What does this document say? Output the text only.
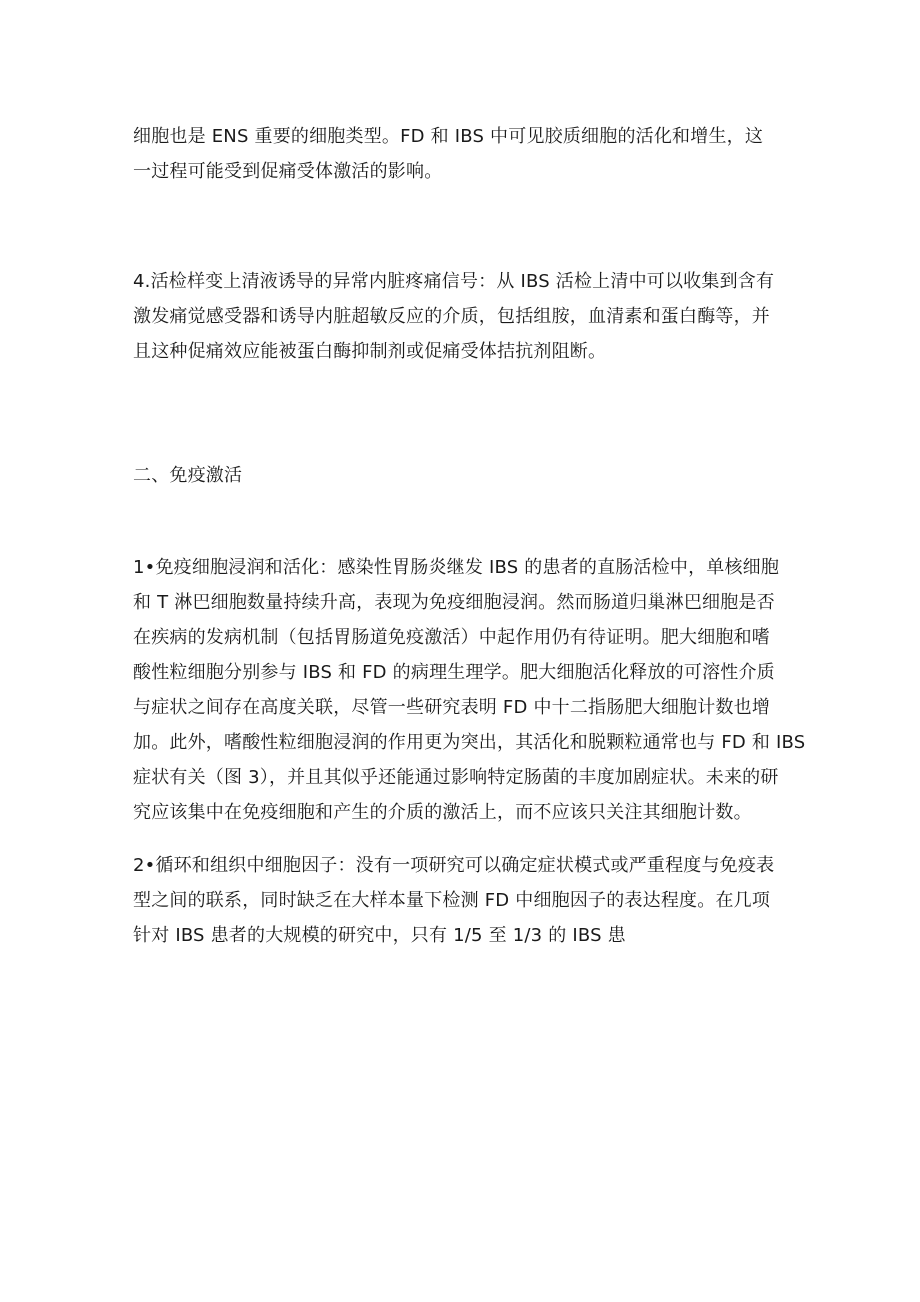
细胞也是 ENS 重要的细胞类型。FD 和 IBS 中可见胶质细胞的活化和增生，这
一过程可能受到促痛受体激活的影响。

4.活检样变上清液诱导的异常内脏疼痛信号：从 IBS 活检上清中可以收集到含有
激发痛觉感受器和诱导内脏超敏反应的介质，包括组胺，血清素和蛋白酶等，并
且这种促痛效应能被蛋白酶抑制剂或促痛受体拮抗剂阻断。

二、免疫激活

1•免疫细胞浸润和活化：感染性胃肠炎继发 IBS 的患者的直肠活检中，单核细胞
和 T 淋巴细胞数量持续升高，表现为免疫细胞浸润。然而肠道归巢淋巴细胞是否
在疾病的发病机制（包括胃肠道免疫激活）中起作用仍有待证明。肥大细胞和嗜
酸性粒细胞分别参与 IBS 和 FD 的病理生理学。肥大细胞活化释放的可溶性介质
与症状之间存在高度关联，尽管一些研究表明 FD 中十二指肠肥大细胞计数也增
加。此外，嗜酸性粒细胞浸润的作用更为突出，其活化和脱颗粒通常也与 FD 和 IBS
症状有关（图 3），并且其似乎还能通过影响特定肠菌的丰度加剧症状。未来的研
究应该集中在免疫细胞和产生的介质的激活上，而不应该只关注其细胞计数。

2•循环和组织中细胞因子：没有一项研究可以确定症状模式或严重程度与免疫表
型之间的联系，同时缺乏在大样本量下检测 FD 中细胞因子的表达程度。在几项
针对 IBS 患者的大规模的研究中，只有 1/5 至 1/3 的 IBS 患
